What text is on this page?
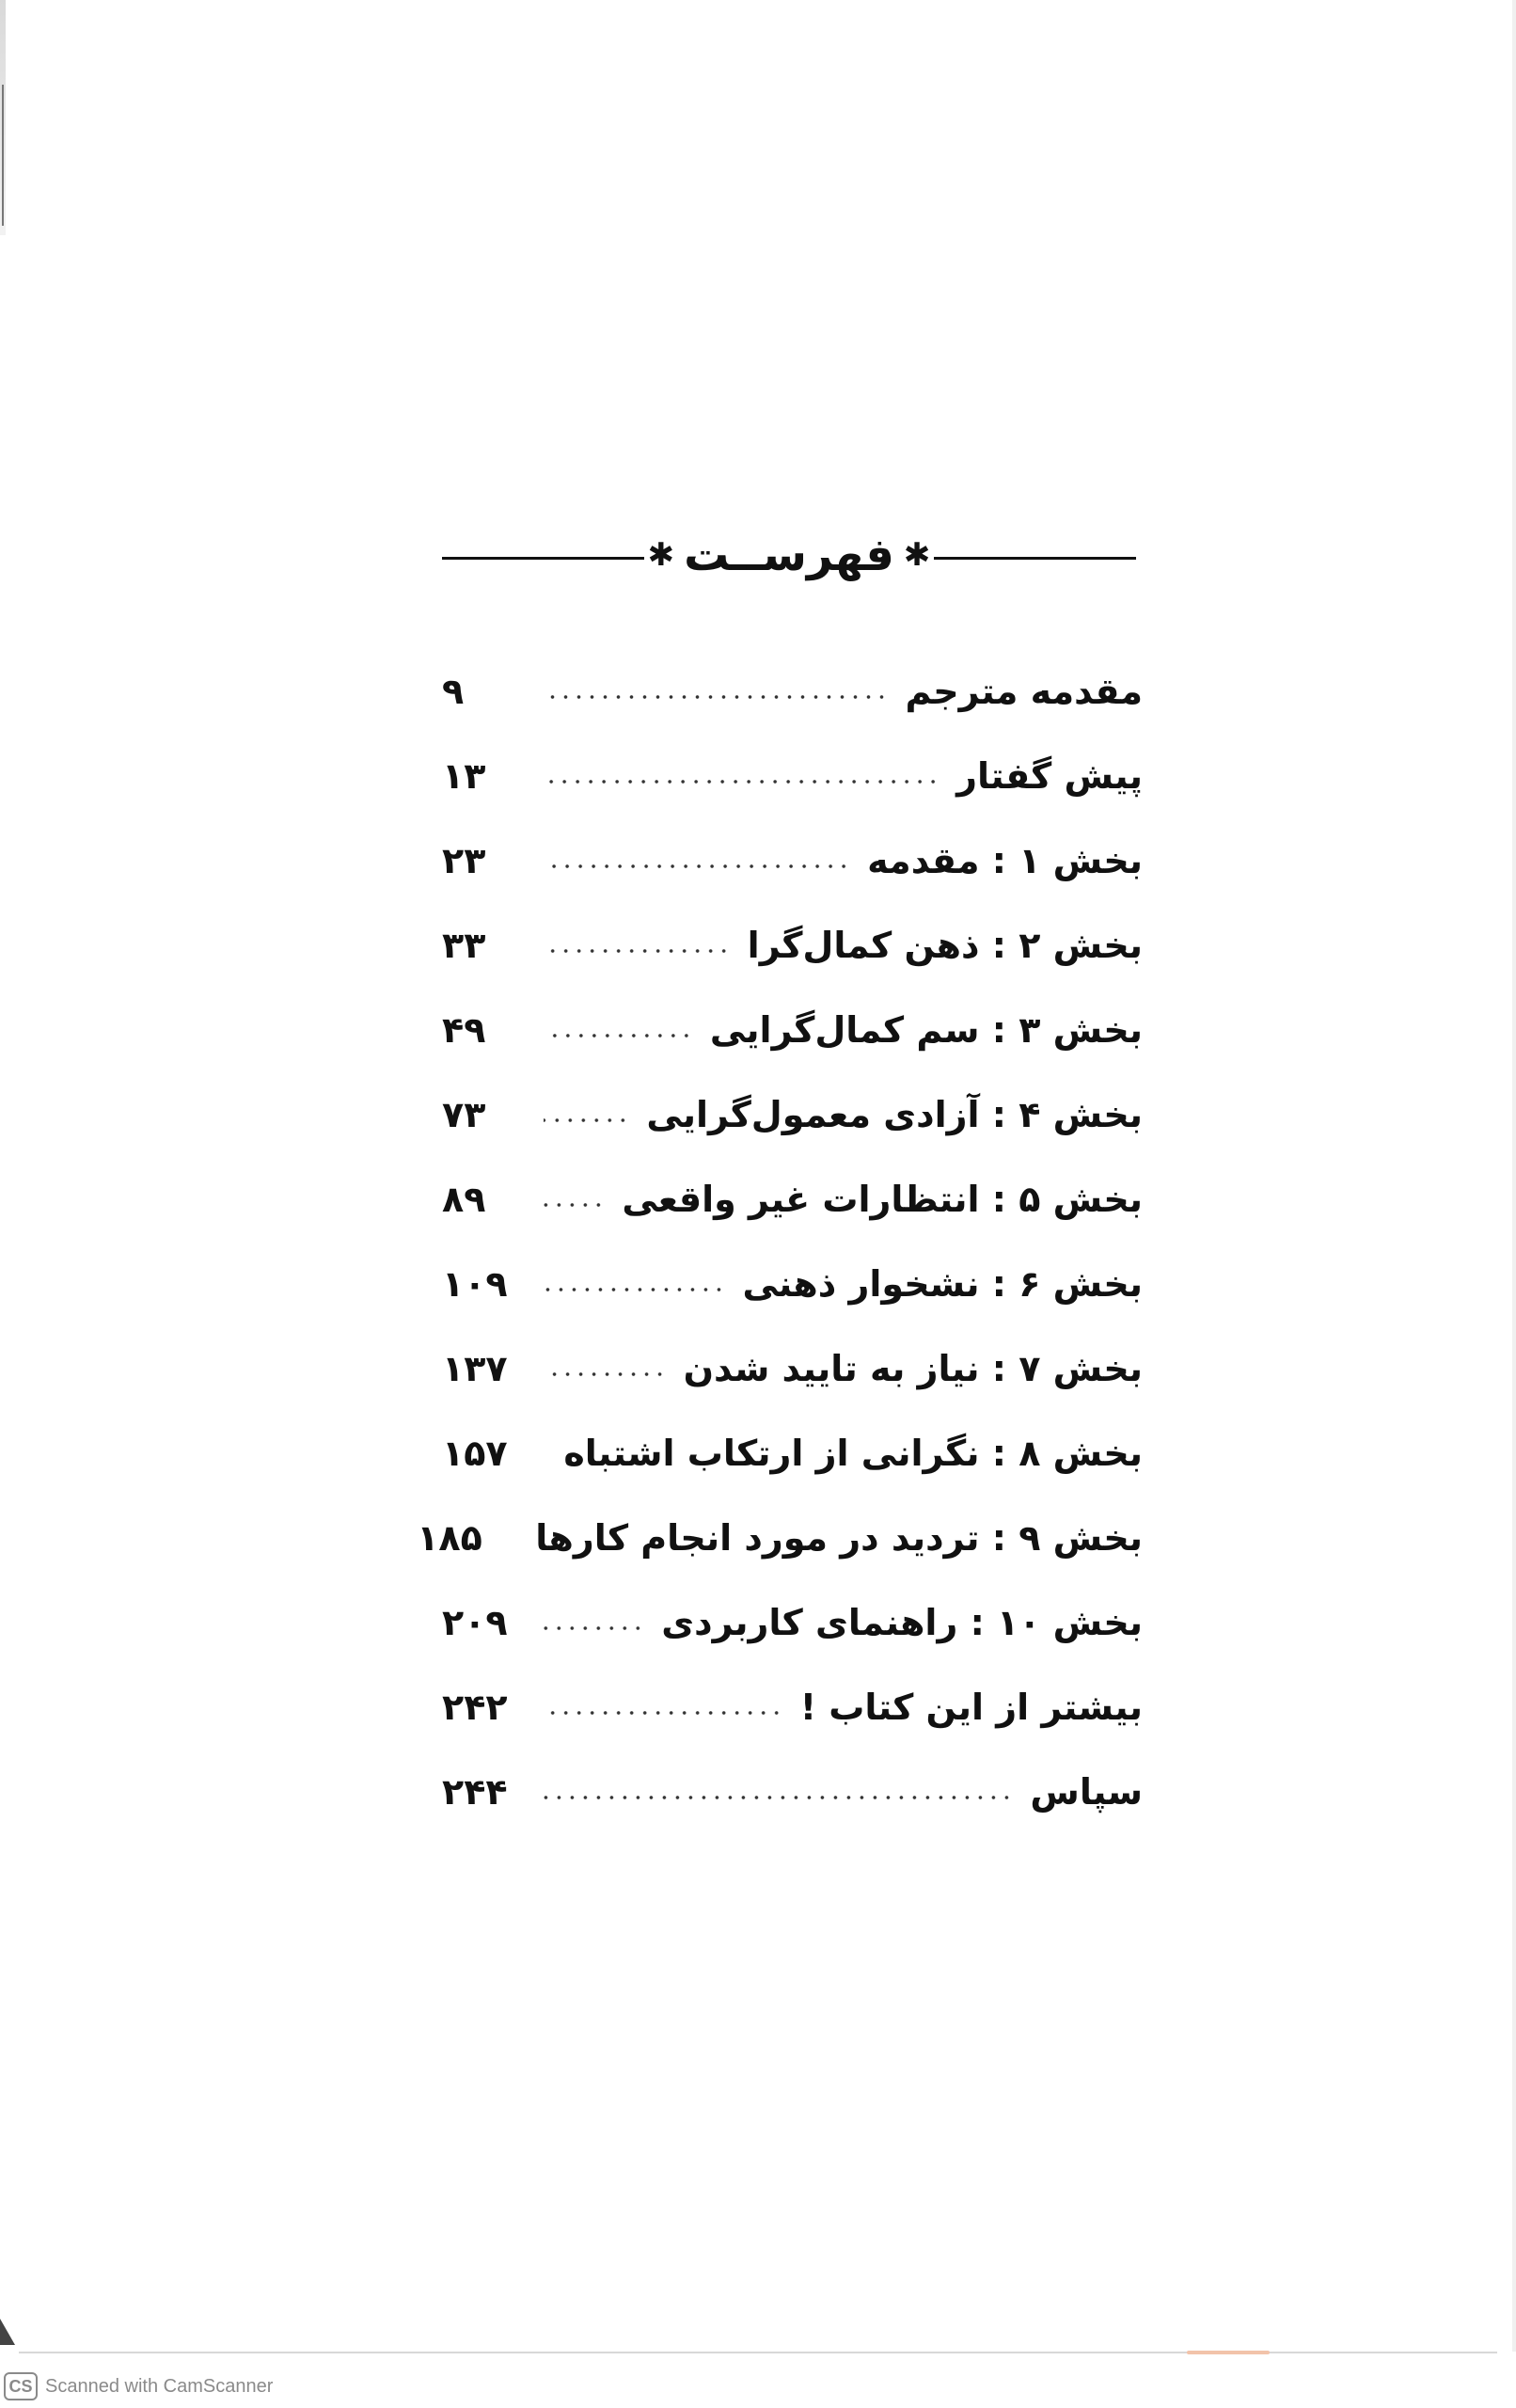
✱
فهرســت
✱
مقدمه مترجم
۹
پیش گفتار
۱۳
بخش ۱ : مقدمه
۲۳
بخش ۲ : ذهن کمال‌گرا
۳۳
بخش ۳ : سم کمال‌گرایی
۴۹
بخش ۴ : آزادی معمول‌گرایی
۷۳
بخش ۵ : انتظارات غیر واقعی
۸۹
بخش ۶ : نشخوار ذهنی
۱۰۹
بخش ۷ : نیاز به تایید شدن
۱۳۷
بخش ۸ : نگرانی از ارتکاب اشتباه
۱۵۷
بخش ۹ : تردید در مورد انجام کارها
۱۸۵
بخش ۱۰ : راهنمای کاربردی
۲۰۹
بیشتر از این کتاب !
۲۴۲
سپاس
۲۴۴
CS Scanned with CamScanner
